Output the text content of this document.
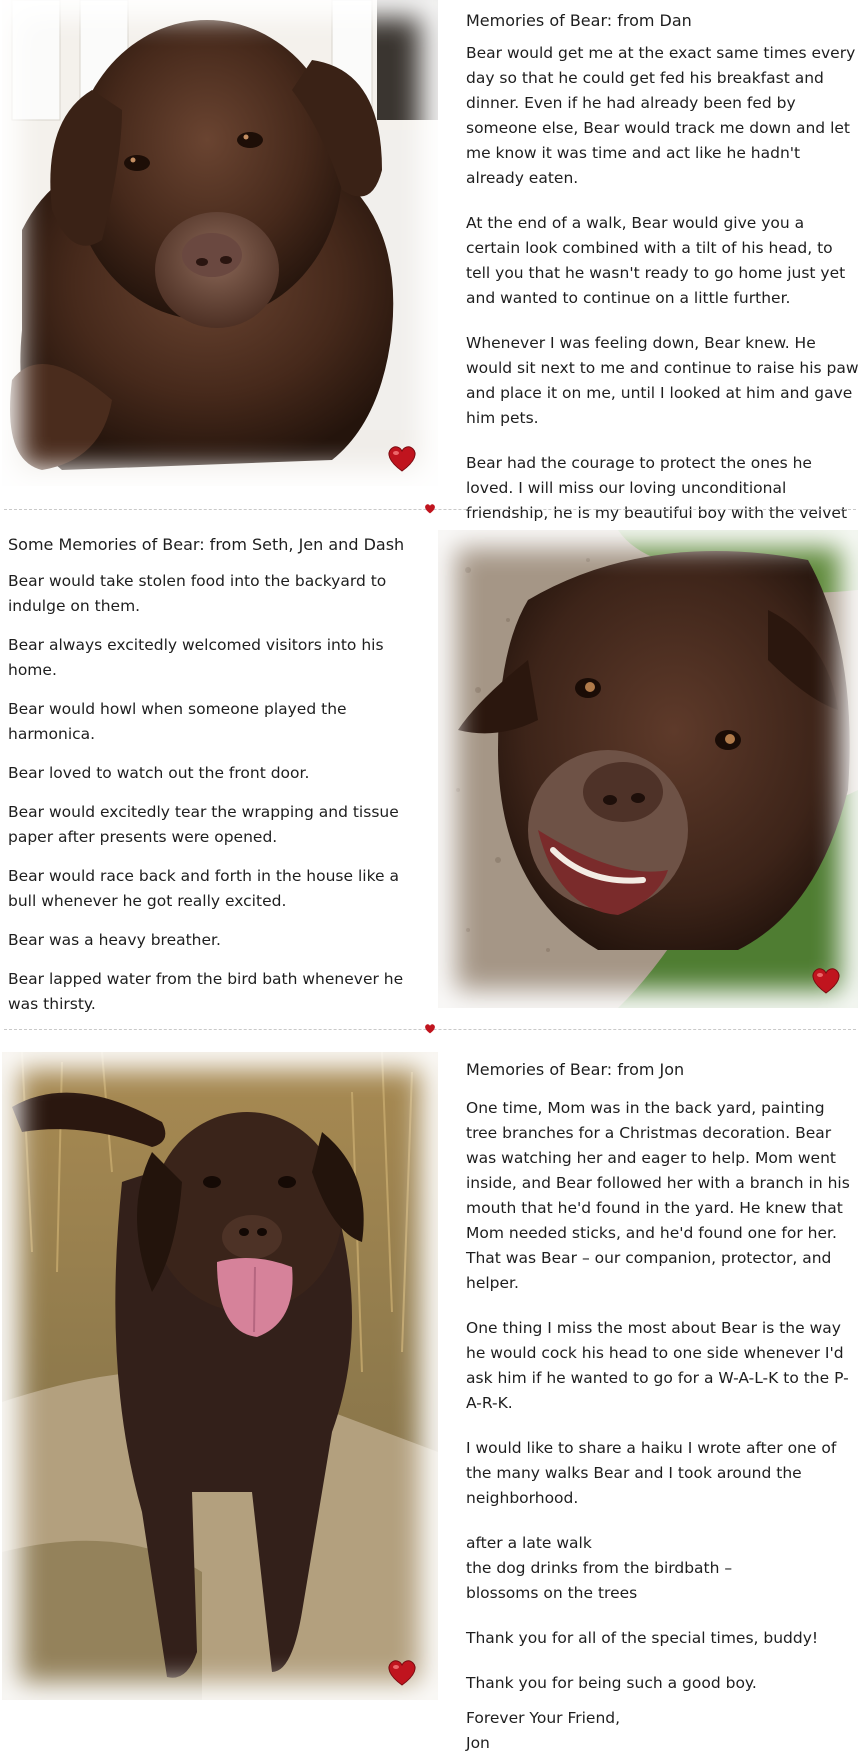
Memories of Bear: from Dan

Bear would get me at the exact same times every day so that he could get fed his breakfast and dinner. Even if he had already been fed by someone else, Bear would track me down and let me know it was time and act like he hadn't already eaten.

At the end of a walk, Bear would give you a certain look combined with a tilt of his head, to tell you that he wasn't ready to go home just yet and wanted to continue on a little further.

Whenever I was feeling down, Bear knew. He would sit next to me and continue to raise his paw and place it on me, until I looked at him and gave him pets.

Bear had the courage to protect the ones he loved. I will miss our loving unconditional friendship, he is my beautiful boy with the velvet

Some Memories of Bear: from Seth, Jen and Dash

Bear would take stolen food into the backyard to indulge on them.

Bear always excitedly welcomed visitors into his home.

Bear would howl when someone played the harmonica.

Bear loved to watch out the front door.

Bear would excitedly tear the wrapping and tissue paper after presents were opened.

Bear would race back and forth in the house like a bull whenever he got really excited.

Bear was a heavy breather.

Bear lapped water from the bird bath whenever he was thirsty.

Memories of Bear: from Jon

One time, Mom was in the back yard, painting tree branches for a Christmas decoration. Bear was watching her and eager to help. Mom went inside, and Bear followed her with a branch in his mouth that he'd found in the yard. He knew that Mom needed sticks, and he'd found one for her. That was Bear – our companion, protector, and helper.

One thing I miss the most about Bear is the way he would cock his head to one side whenever I'd ask him if he wanted to go for a W-A-L-K to the P-A-R-K.

I would like to share a haiku I wrote after one of the many walks Bear and I took around the neighborhood.

after a late walk
the dog drinks from the birdbath –
blossoms on the trees

Thank you for all of the special times, buddy!

Thank you for being such a good boy.

Forever Your Friend,
Jon
